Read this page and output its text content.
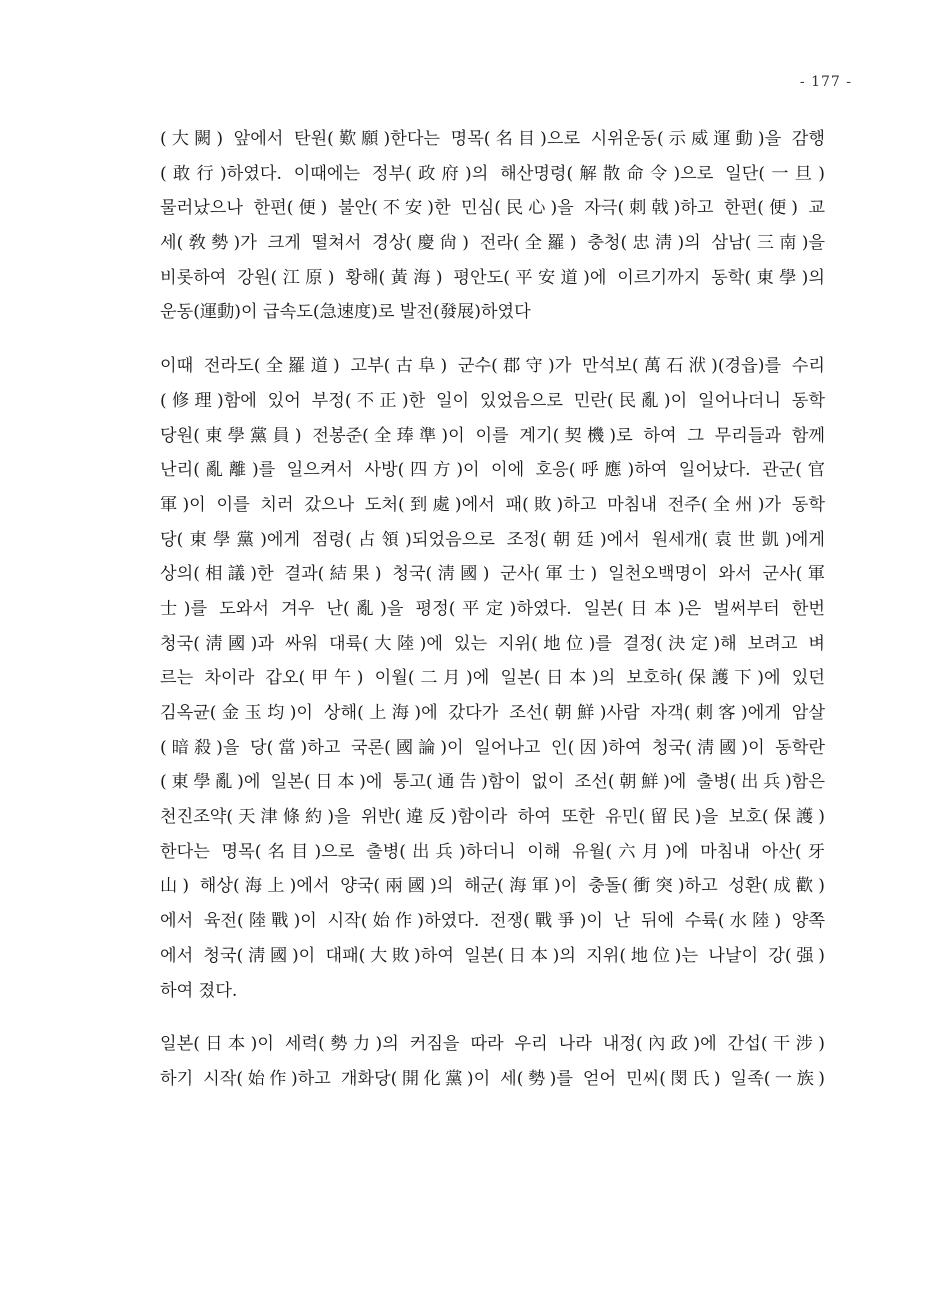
- 177 -
(大闕) 앞에서 탄원(歎願)한다는 명목(名目)으로 시위운동(示威運動)을 감행
(敢行)하였다. 이때에는 정부(政府)의 해산명령(解散命令)으로 일단(一旦)
물러났으나 한편(便) 불안(不安)한 민심(民心)을 자극(刺戟)하고 한편(便) 교
세(敎勢)가 크게 떨쳐서 경상(慶尙) 전라(全羅) 충청(忠淸)의 삼남(三南)을
비롯하여 강원(江原) 황해(黃海) 평안도(平安道)에 이르기까지 동학(東學)의
운동(運動)이 급속도(急速度)로 발전(發展)하였다
이때 전라도(全羅道) 고부(古阜) 군수(郡守)가 만석보(萬石洑)(경읍)를 수리
(修理)함에 있어 부정(不正)한 일이 있었음으로 민란(民亂)이 일어나더니 동학
당원(東學黨員) 전봉준(全琫準)이 이를 계기(契機)로 하여 그 무리들과 함께
난리(亂離)를 일으켜서 사방(四方)이 이에 호응(呼應)하여 일어났다. 관군(官
軍)이 이를 치러 갔으나 도처(到處)에서 패(敗)하고 마침내 전주(全州)가 동학
당(東學黨)에게 점령(占領)되었음으로 조정(朝廷)에서 원세개(袁世凱)에게
상의(相議)한 결과(結果) 청국(淸國) 군사(軍士) 일천오백명이 와서 군사(軍
士)를 도와서 겨우 난(亂)을 평정(平定)하였다. 일본(日本)은 벌써부터 한번
청국(淸國)과 싸워 대륙(大陸)에 있는 지위(地位)를 결정(決定)해 보려고 벼
르는 차이라 갑오(甲午) 이월(二月)에 일본(日本)의 보호하(保護下)에 있던
김옥균(金玉均)이 상해(上海)에 갔다가 조선(朝鮮)사람 자객(刺客)에게 암살
(暗殺)을 당(當)하고 국론(國論)이 일어나고 인(因)하여 청국(淸國)이 동학란
(東學亂)에 일본(日本)에 통고(通告)함이 없이 조선(朝鮮)에 출병(出兵)함은
천진조약(天津條約)을 위반(違反)함이라 하여 또한 유민(留民)을 보호(保護)
한다는 명목(名目)으로 출병(出兵)하더니 이해 유월(六月)에 마침내 아산(牙
山) 해상(海上)에서 양국(兩國)의 해군(海軍)이 충돌(衝突)하고 성환(成歡)
에서 육전(陸戰)이 시작(始作)하였다. 전쟁(戰爭)이 난 뒤에 수륙(水陸) 양쪽
에서 청국(淸國)이 대패(大敗)하여 일본(日本)의 지위(地位)는 나날이 강(强)
하여 졌다.
일본(日本)이 세력(勢力)의 커짐을 따라 우리 나라 내정(內政)에 간섭(干涉)
하기 시작(始作)하고 개화당(開化黨)이 세(勢)를 얻어 민씨(閔氏) 일족(一族)
